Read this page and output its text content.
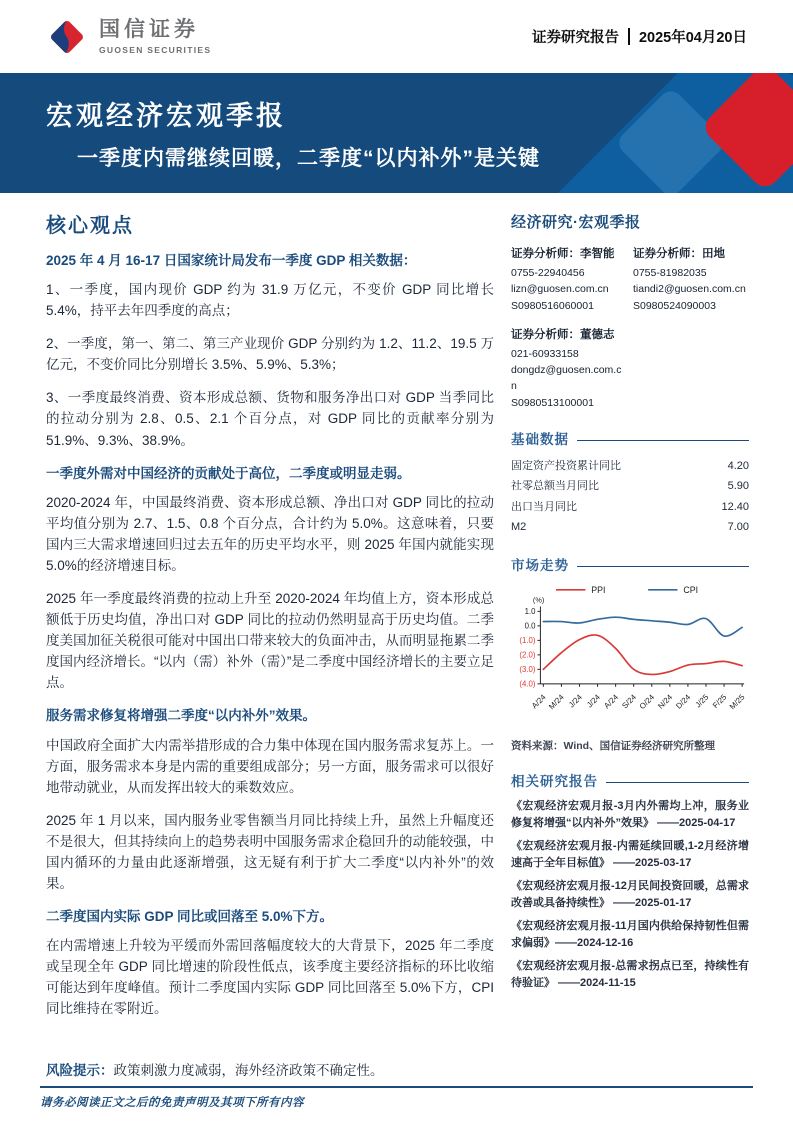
国信证券
GUOSEN SECURITIES
证券研究报告 2025年04月20日
宏观经济宏观季报
一季度内需继续回暖，二季度“以内补外”是关键
核心观点
2025 年 4 月 16-17 日国家统计局发布一季度 GDP 相关数据：
1、一季度，国内现价 GDP 约为 31.9 万亿元，不变价 GDP 同比增长 5.4%，持平去年四季度的高点；
2、一季度，第一、第二、第三产业现价 GDP 分别约为 1.2、11.2、19.5 万亿元，不变价同比分别增长 3.5%、5.9%、5.3%；
3、一季度最终消费、资本形成总额、货物和服务净出口对 GDP 当季同比的拉动分别为 2.8、0.5、2.1 个百分点，对 GDP 同比的贡献率分别为 51.9%、9.3%、38.9%。
一季度外需对中国经济的贡献处于高位，二季度或明显走弱。
2020-2024 年，中国最终消费、资本形成总额、净出口对 GDP 同比的拉动平均值分别为 2.7、1.5、0.8 个百分点，合计约为 5.0%。这意味着，只要国内三大需求增速回归过去五年的历史平均水平，则 2025 年国内就能实现 5.0%的经济增速目标。
2025 年一季度最终消费的拉动上升至 2020-2024 年均值上方，资本形成总额低于历史均值，净出口对 GDP 同比的拉动仍然明显高于历史均值。二季度美国加征关税很可能对中国出口带来较大的负面冲击，从而明显拖累二季度国内经济增长。“以内（需）补外（需）”是二季度中国经济增长的主要立足点。
服务需求修复将增强二季度“以内补外”效果。
中国政府全面扩大内需举措形成的合力集中体现在国内服务需求复苏上。一方面，服务需求本身是内需的重要组成部分；另一方面，服务需求可以很好地带动就业，从而发挥出较大的乘数效应。
2025 年 1 月以来，国内服务业零售额当月同比持续上升，虽然上升幅度还不是很大，但其持续向上的趋势表明中国服务需求企稳回升的动能较强，中国内循环的力量由此逐渐增强，这无疑有利于扩大二季度“以内补外”的效果。
二季度国内实际 GDP 同比或回落至 5.0%下方。
在内需增速上升较为平缓而外需回落幅度较大的大背景下，2025 年二季度或呈现全年 GDP 同比增速的阶段性低点，该季度主要经济指标的环比收缩可能达到年度峰值。预计二季度国内实际 GDP 同比回落至 5.0%下方，CPI 同比维持在零附近。
风险提示：政策刺激力度减弱，海外经济政策不确定性。
经济研究·宏观季报
证券分析师：李智能
0755-22940456
lizn@guosen.com.cn
S0980516060001
证券分析师：田地
0755-81982035
tiandi2@guosen.com.cn
S0980524090003
证券分析师：董德志
021-60933158
dongdz@guosen.com.cn
S0980513100001
基础数据
固定资产投资累计同比	4.20
社零总额当月同比	5.90
出口当月同比	12.40
M2	7.00
市场走势
PPI	CPI
(%)
1.0
0.0
(1.0)
(2.0)
(3.0)
(4.0)
A/24 M/24 J/24 J/24 A/24 S/24 O/24 N/24 D/24 J/25 F/25 M/25
资料来源：Wind、国信证券经济研究所整理
相关研究报告
《宏观经济宏观月报-3月内外需均上冲，服务业修复将增强“以内补外”效果》 ——2025-04-17
《宏观经济宏观月报-内需延续回暖,1-2月经济增速高于全年目标值》 ——2025-03-17
《宏观经济宏观月报-12月民间投资回暖，总需求改善或具备持续性》 ——2025-01-17
《宏观经济宏观月报-11月国内供给保持韧性但需求偏弱》——2024-12-16
《宏观经济宏观月报-总需求拐点已至，持续性有待验证》 ——2024-11-15
请务必阅读正文之后的免责声明及其项下所有内容
